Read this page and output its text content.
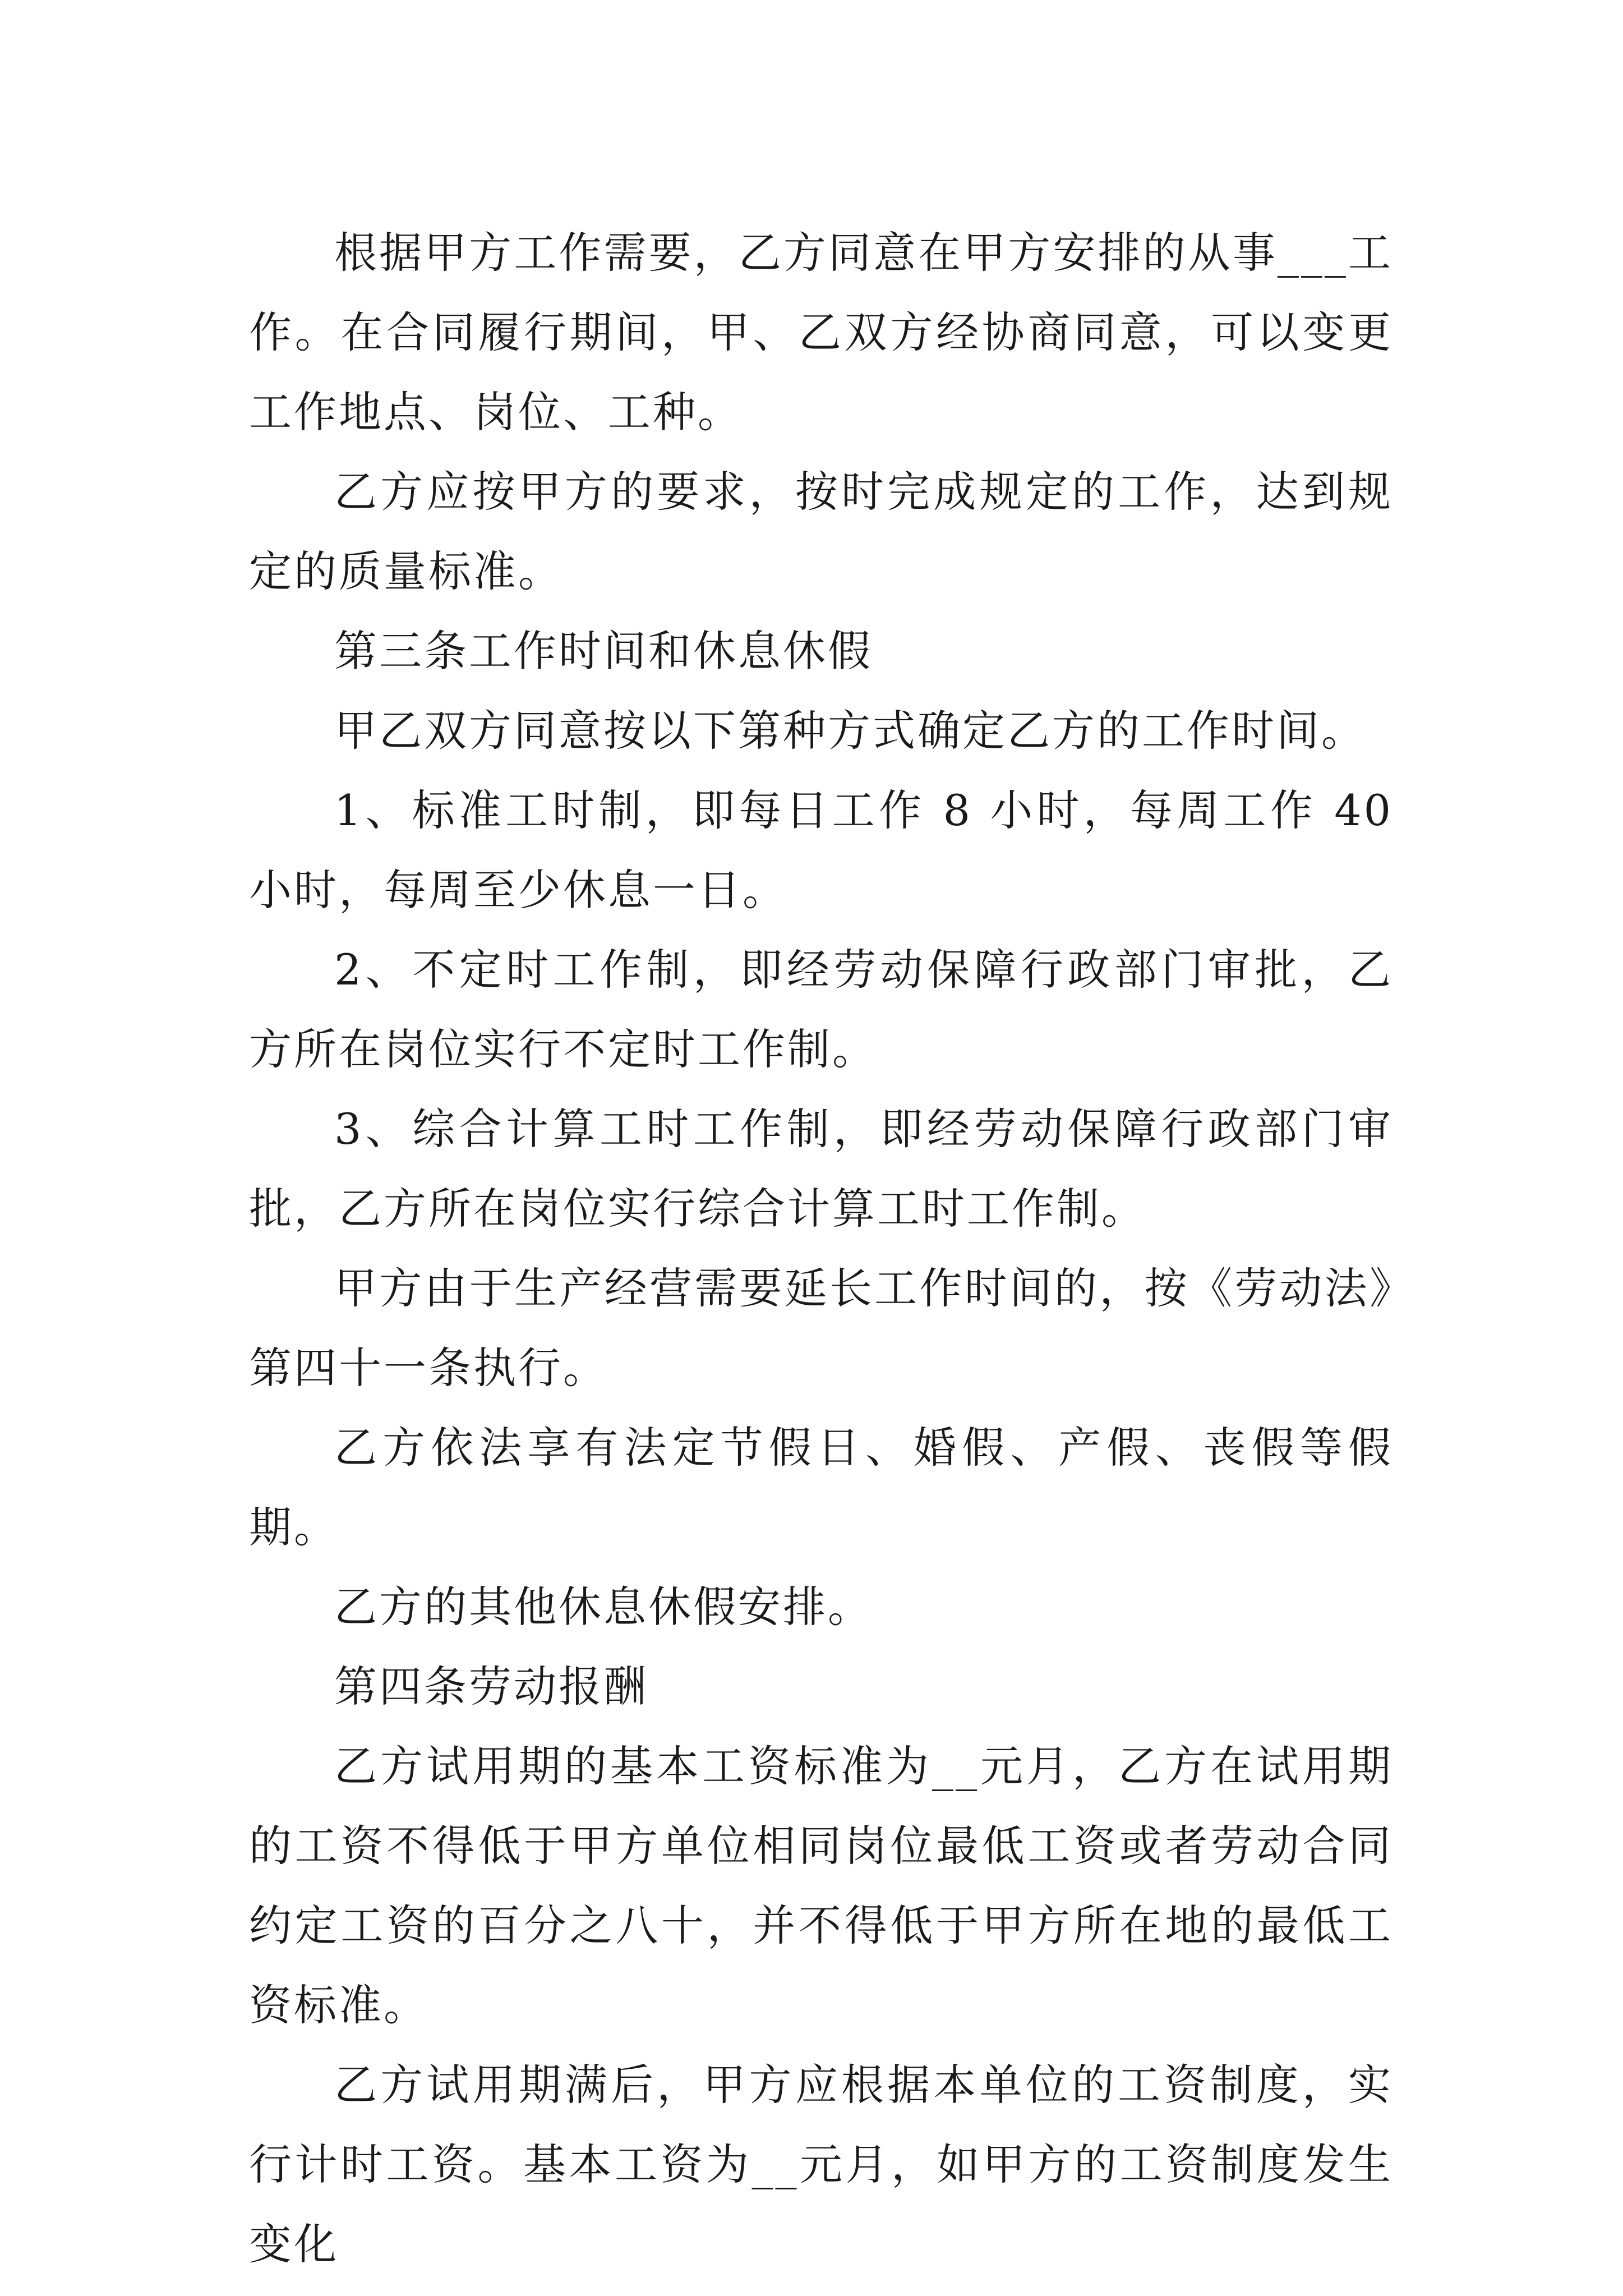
根据甲方工作需要，乙方同意在甲方安排的从事___工作。在合同履行期间，甲、乙双方经协商同意，可以变更工作地点、岗位、工种。

乙方应按甲方的要求，按时完成规定的工作，达到规定的质量标准。

第三条工作时间和休息休假

甲乙双方同意按以下第种方式确定乙方的工作时间。

1、标准工时制，即每日工作 8 小时，每周工作 40 小时，每周至少休息一日。

2、不定时工作制，即经劳动保障行政部门审批，乙方所在岗位实行不定时工作制。

3、综合计算工时工作制，即经劳动保障行政部门审批，乙方所在岗位实行综合计算工时工作制。

甲方由于生产经营需要延长工作时间的，按《劳动法》第四十一条执行。

乙方依法享有法定节假日、婚假、产假、丧假等假期。

乙方的其他休息休假安排。

第四条劳动报酬

乙方试用期的基本工资标准为__元月，乙方在试用期的工资不得低于甲方单位相同岗位最低工资或者劳动合同约定工资的百分之八十，并不得低于甲方所在地的最低工资标准。

乙方试用期满后，甲方应根据本单位的工资制度，实行计时工资。基本工资为__元月，如甲方的工资制度发生变化
